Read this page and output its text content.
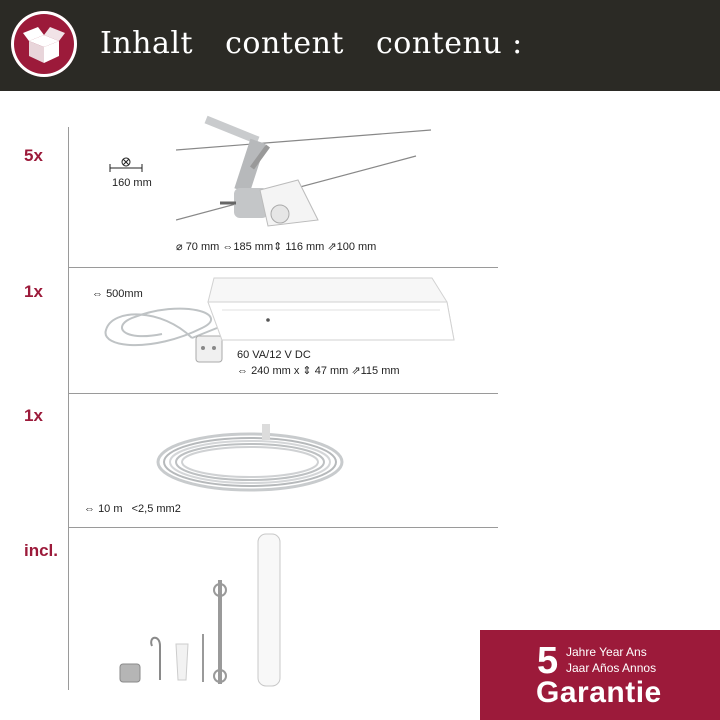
Inhalt content contenu :
5x
160 mm
⌀ 70 mm ⇔185 mm⇕ 116 mm ⇗100 mm
1x	⇔ 500mm
60 VA/12 V DC
⇔ 240 mm x ⇕ 47 mm ⇗115 mm
1x
⇔ 10 m <2,5 mm2
incl.
5 Jahre Year Ans
Jaar Años Annos
Garantie
